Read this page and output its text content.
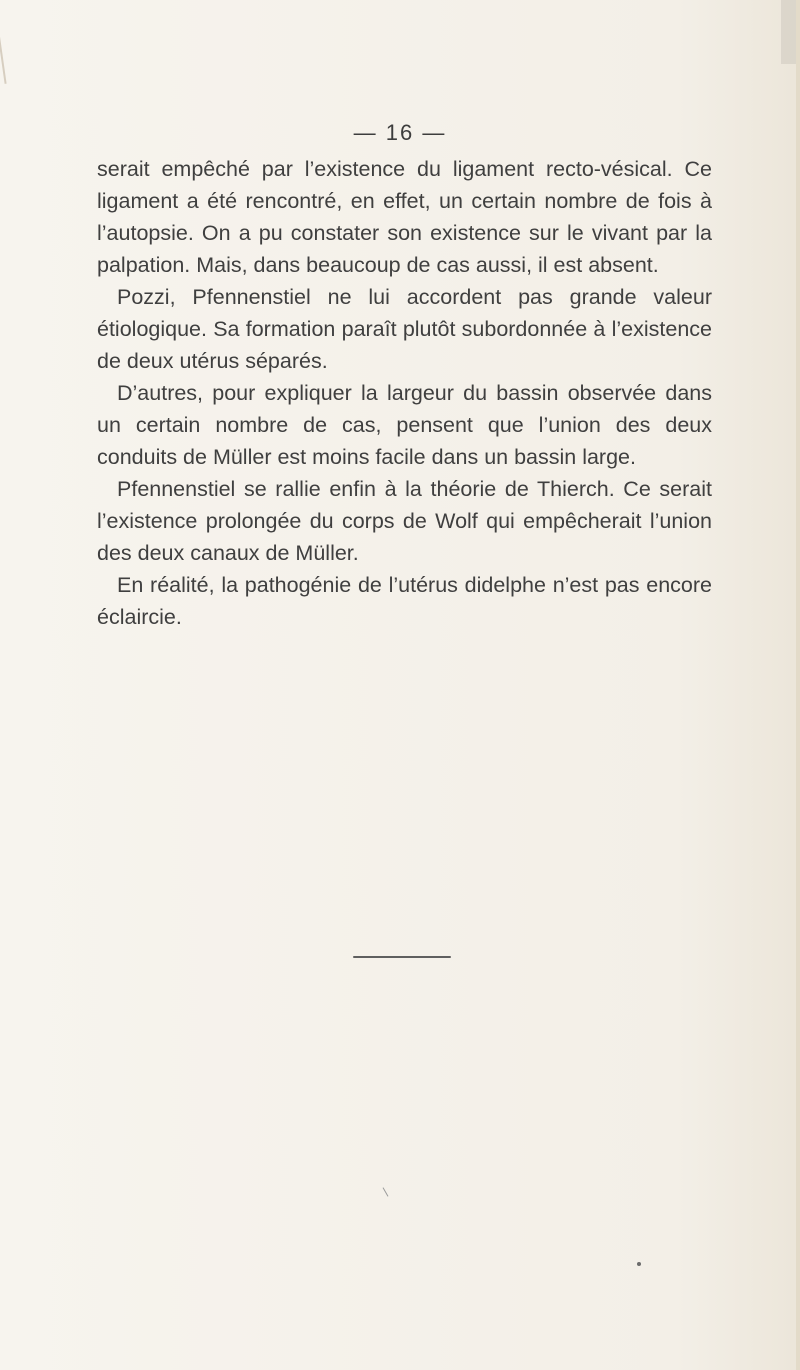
— 16 —

serait empêché par l’existence du ligament recto-vésical. Ce ligament a été rencontré, en effet, un certain nombre de fois à l’autopsie. On a pu constater son existence sur le vivant par la palpation. Mais, dans beaucoup de cas aussi, il est absent.

Pozzi, Pfennenstiel ne lui accordent pas grande valeur étiologique. Sa formation paraît plutôt subordonnée à l’existence de deux utérus séparés.

D’autres, pour expliquer la largeur du bassin observée dans un certain nombre de cas, pensent que l’union des deux conduits de Müller est moins facile dans un bassin large.

Pfennenstiel se rallie enfin à la théorie de Thierch. Ce serait l’existence prolongée du corps de Wolf qui empêcherait l’union des deux canaux de Müller.

En réalité, la pathogénie de l’utérus didelphe n’est pas encore éclaircie.
